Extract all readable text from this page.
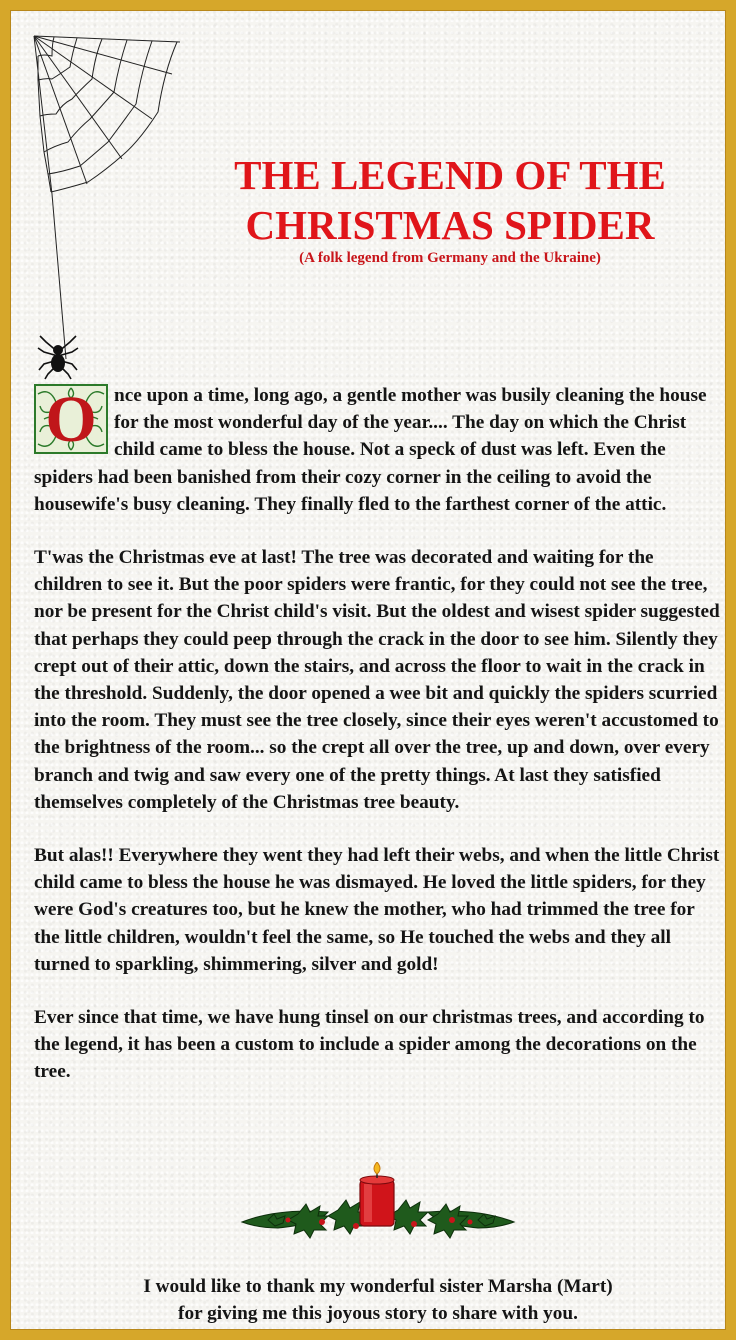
THE LEGEND OF THE
CHRISTMAS SPIDER
(A folk legend from Germany and the Ukraine)

O nce upon a time, long ago, a gentle mother was busily cleaning the house for the most wonderful day of the year.... The day on which the Christ child came to bless the house. Not a speck of dust was left. Even the spiders had been banished from their cozy corner in the ceiling to avoid the housewife's busy cleaning. They finally fled to the farthest corner of the attic.

T'was the Christmas eve at last! The tree was decorated and waiting for the children to see it. But the poor spiders were frantic, for they could not see the tree, nor be present for the Christ child's visit. But the oldest and wisest spider suggested that perhaps they could peep through the crack in the door to see him. Silently they crept out of their attic, down the stairs, and across the floor to wait in the crack in the threshold. Suddenly, the door opened a wee bit and quickly the spiders scurried into the room. They must see the tree closely, since their eyes weren't accustomed to the brightness of the room... so the crept all over the tree, up and down, over every branch and twig and saw every one of the pretty things. At last they satisfied themselves completely of the Christmas tree beauty.

But alas!! Everywhere they went they had left their webs, and when the little Christ child came to bless the house he was dismayed. He loved the little spiders, for they were God's creatures too, but he knew the mother, who had trimmed the tree for the little children, wouldn't feel the same, so He touched the webs and they all turned to sparkling, shimmering, silver and gold!

Ever since that time, we have hung tinsel on our christmas trees, and according to the legend, it has been a custom to include a spider among the decorations on the tree.

I would like to thank my wonderful sister Marsha (Mart)
for giving me this joyous story to share with you.
